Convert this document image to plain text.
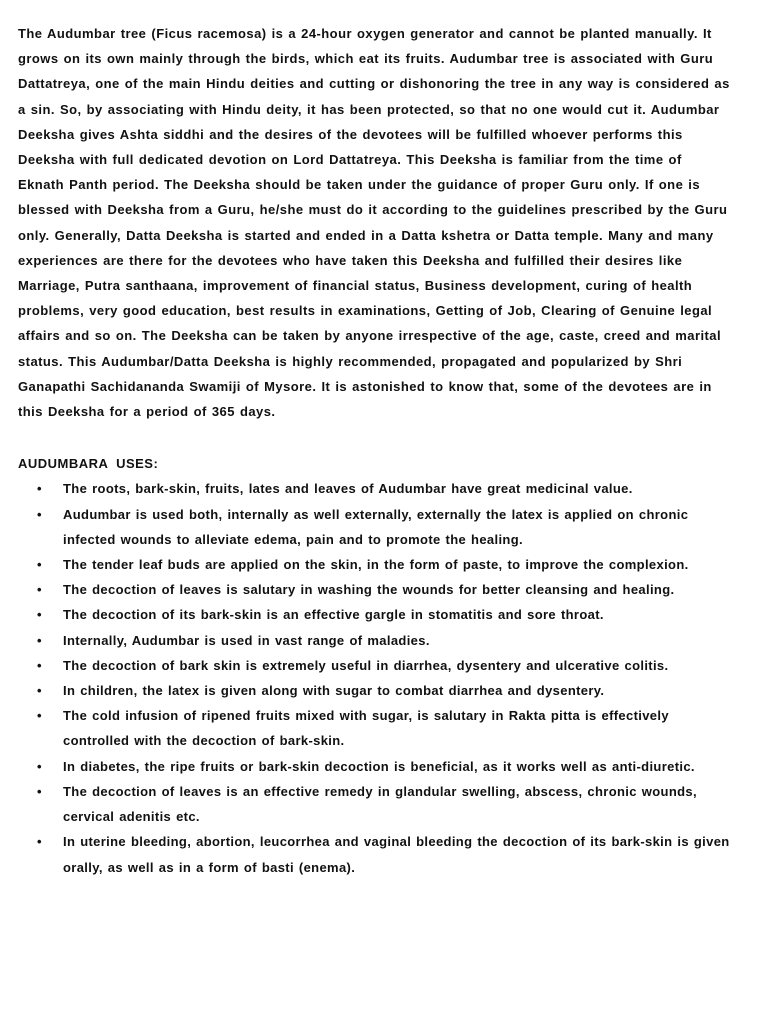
The Audumbar tree (Ficus racemosa) is a 24-hour oxygen generator and cannot be planted manually. It grows on its own mainly through the birds, which eat its fruits. Audumbar tree is associated with Guru Dattatreya, one of the main Hindu deities and cutting or dishonoring the tree in any way is considered as a sin. So, by associating with Hindu deity, it has been protected, so that no one would cut it. Audumbar Deeksha gives Ashta siddhi and the desires of the devotees will be fulfilled whoever performs this Deeksha with full dedicated devotion on Lord Dattatreya. This Deeksha is familiar from the time of Eknath Panth period. The Deeksha should be taken under the guidance of proper Guru only. If one is blessed with Deeksha from a Guru, he/she must do it according to the guidelines prescribed by the Guru only. Generally, Datta Deeksha is started and ended in a Datta kshetra or Datta temple. Many and many experiences are there for the devotees who have taken this Deeksha and fulfilled their desires like Marriage, Putra santhaana, improvement of financial status, Business development, curing of health problems, very good education, best results in examinations, Getting of Job, Clearing of Genuine legal affairs and so on. The Deeksha can be taken by anyone irrespective of the age, caste, creed and marital status. This Audumbar/Datta Deeksha is highly recommended, propagated and popularized by Shri Ganapathi Sachidananda Swamiji of Mysore. It is astonished to know that, some of the devotees are in this Deeksha for a period of 365 days.

AUDUMBARA USES:

• The roots, bark-skin, fruits, lates and leaves of Audumbar have great medicinal value.
• Audumbar is used both, internally as well externally, externally the latex is applied on chronic infected wounds to alleviate edema, pain and to promote the healing.
• The tender leaf buds are applied on the skin, in the form of paste, to improve the complexion.
• The decoction of leaves is salutary in washing the wounds for better cleansing and healing.
• The decoction of its bark-skin is an effective gargle in stomatitis and sore throat.
• Internally, Audumbar is used in vast range of maladies.
• The decoction of bark skin is extremely useful in diarrhea, dysentery and ulcerative colitis.
• In children, the latex is given along with sugar to combat diarrhea and dysentery.
• The cold infusion of ripened fruits mixed with sugar, is salutary in Rakta pitta is effectively controlled with the decoction of bark-skin.
• In diabetes, the ripe fruits or bark-skin decoction is beneficial, as it works well as anti-diuretic.
• The decoction of leaves is an effective remedy in glandular swelling, abscess, chronic wounds, cervical adenitis etc.
• In uterine bleeding, abortion, leucorrhea and vaginal bleeding the decoction of its bark-skin is given orally, as well as in a form of basti (enema).
